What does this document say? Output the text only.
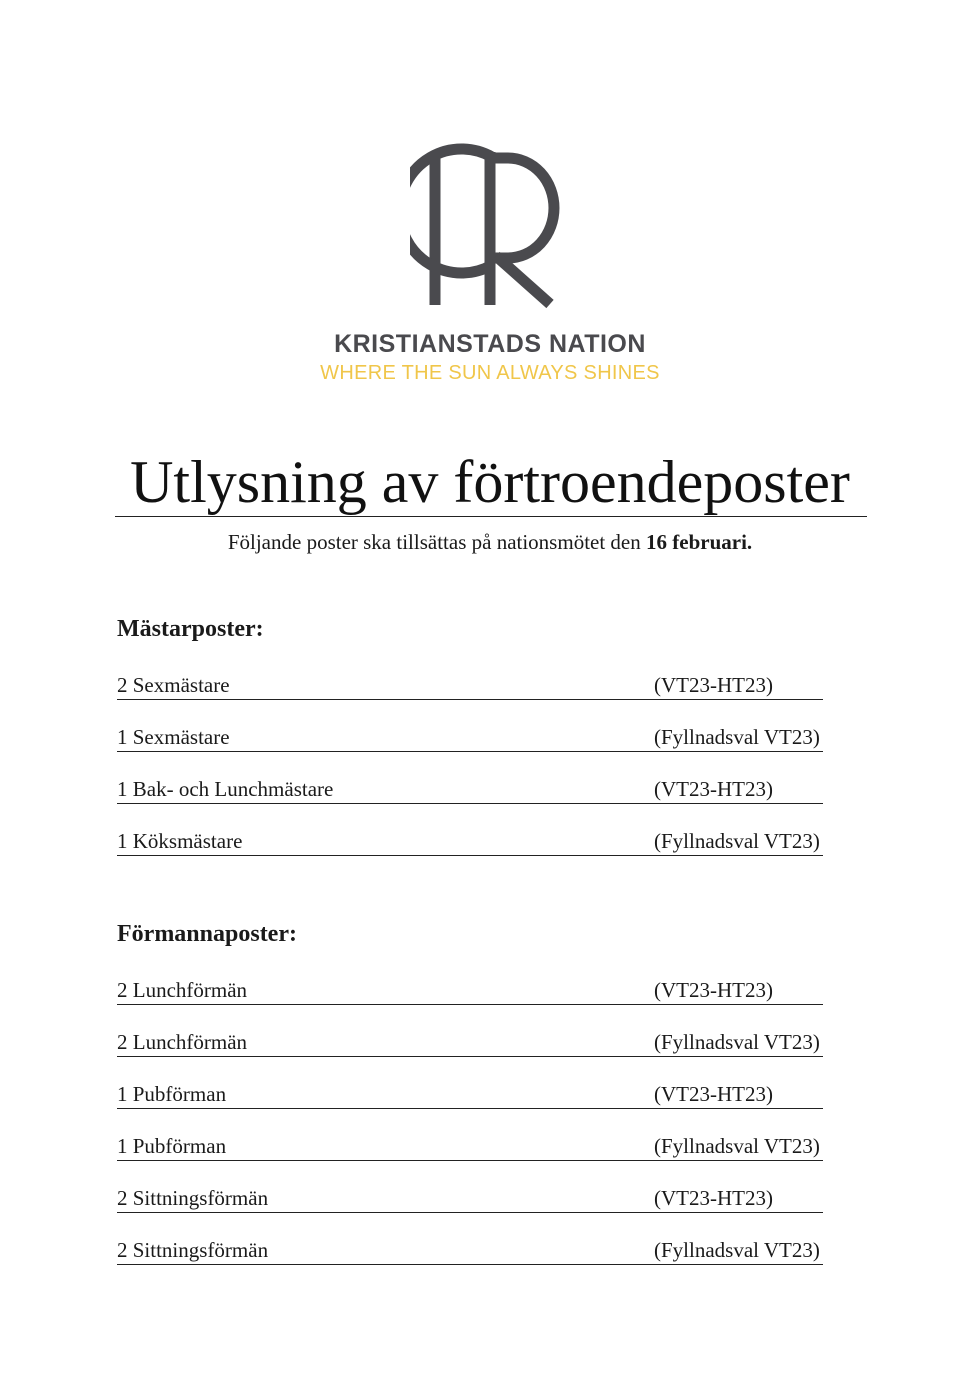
KRISTIANSTADS NATION
WHERE THE SUN ALWAYS SHINES
Utlysning av förtroendeposter
Följande poster ska tillsättas på nationsmötet den 16 februari.
Mästarposter:
2 Sexmästare	(VT23-HT23)
1 Sexmästare	(Fyllnadsval VT23)
1 Bak- och Lunchmästare	(VT23-HT23)
1 Köksmästare	(Fyllnadsval VT23)
Förmannaposter:
2 Lunchförmän	(VT23-HT23)
2 Lunchförmän	(Fyllnadsval VT23)
1 Pubförman	(VT23-HT23)
1 Pubförman	(Fyllnadsval VT23)
2 Sittningsförmän	(VT23-HT23)
2 Sittningsförmän	(Fyllnadsval VT23)
